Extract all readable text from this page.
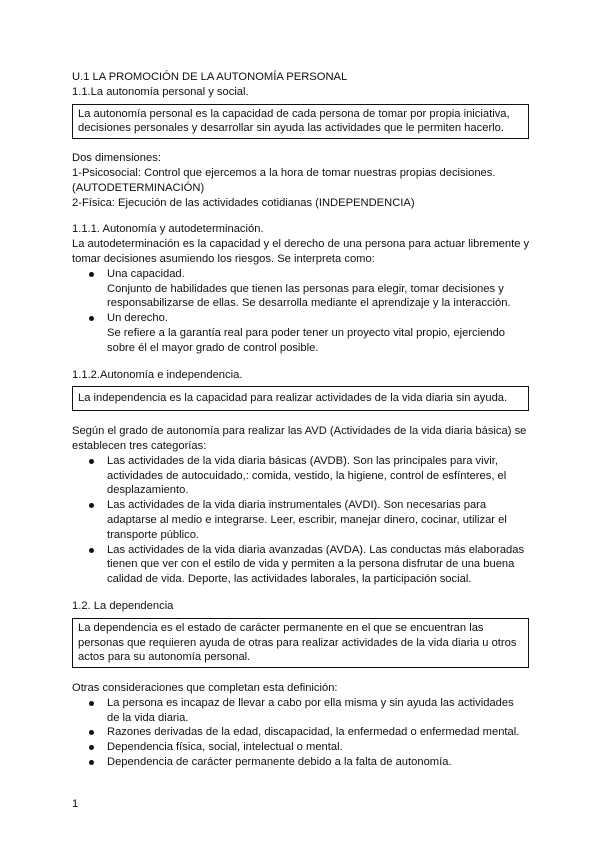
U.1 LA PROMOCIÓN DE LA AUTONOMÍA PERSONAL
1.1.La autonomía personal y social.
La autonomía personal es la capacidad de cada persona de tomar por propia iniciativa,
decisiones personales y desarrollar sin ayuda las actividades que le permiten hacerlo.
Dos dimensiones:
1-Psicosocial: Control que ejercemos a la hora de tomar nuestras propias decisiones.
(AUTODETERMINACIÓN)
2-Física: Ejecución de las actividades cotidianas (INDEPENDENCIA)
1.1.1. Autonomía y autodeterminación.
La autodeterminación es la capacidad y el derecho de una persona para actuar libremente y
tomar decisiones asumiendo los riesgos. Se interpreta como:
Una capacidad.
Conjunto de habilidades que tienen las personas para elegir, tomar decisiones y
responsabilizarse de ellas. Se desarrolla mediante el aprendizaje y la interacción.
Un derecho.
Se refiere a la garantía real para poder tener un proyecto vital propio, ejerciendo
sobre él el mayor grado de control posible.
1.1.2.Autonomía e independencia.
La independencia es la capacidad para realizar actividades de la vida diaria sin ayuda.
Según el grado de autonomía para realizar las AVD (Actividades de la vida diaria básica) se
establecen tres categorías:
Las actividades de la vida diaria básicas (AVDB). Son las principales para vivir,
actividades de autocuidado,: comida, vestido, la higiene, control de esfínteres, el
desplazamiento.
Las actividades de la vida diaria instrumentales (AVDI). Son necesarias para
adaptarse al medio e integrarse. Leer, escribir, manejar dinero, cocinar, utilizar el
transporte público.
Las actividades de la vida diaria avanzadas (AVDA). Las conductas más elaboradas
tienen que ver con el estilo de vida y permiten a la persona disfrutar de una buena
calidad de vida. Deporte, las actividades laborales, la participación social.
1.2. La dependencia
La dependencia es el estado de carácter permanente en el que se encuentran las
personas que requieren ayuda de otras para realizar actividades de la vida diaria u otros
actos para su autonomía personal.
Otras consideraciones que completan esta definición:
La persona es incapaz de llevar a cabo por ella misma y sin ayuda las actividades
de la vida diaria.
Razones derivadas de la edad, discapacidad, la enfermedad o enfermedad mental.
Dependencia física, social, intelectual o mental.
Dependencia de carácter permanente debido a la falta de autonomía.
1
